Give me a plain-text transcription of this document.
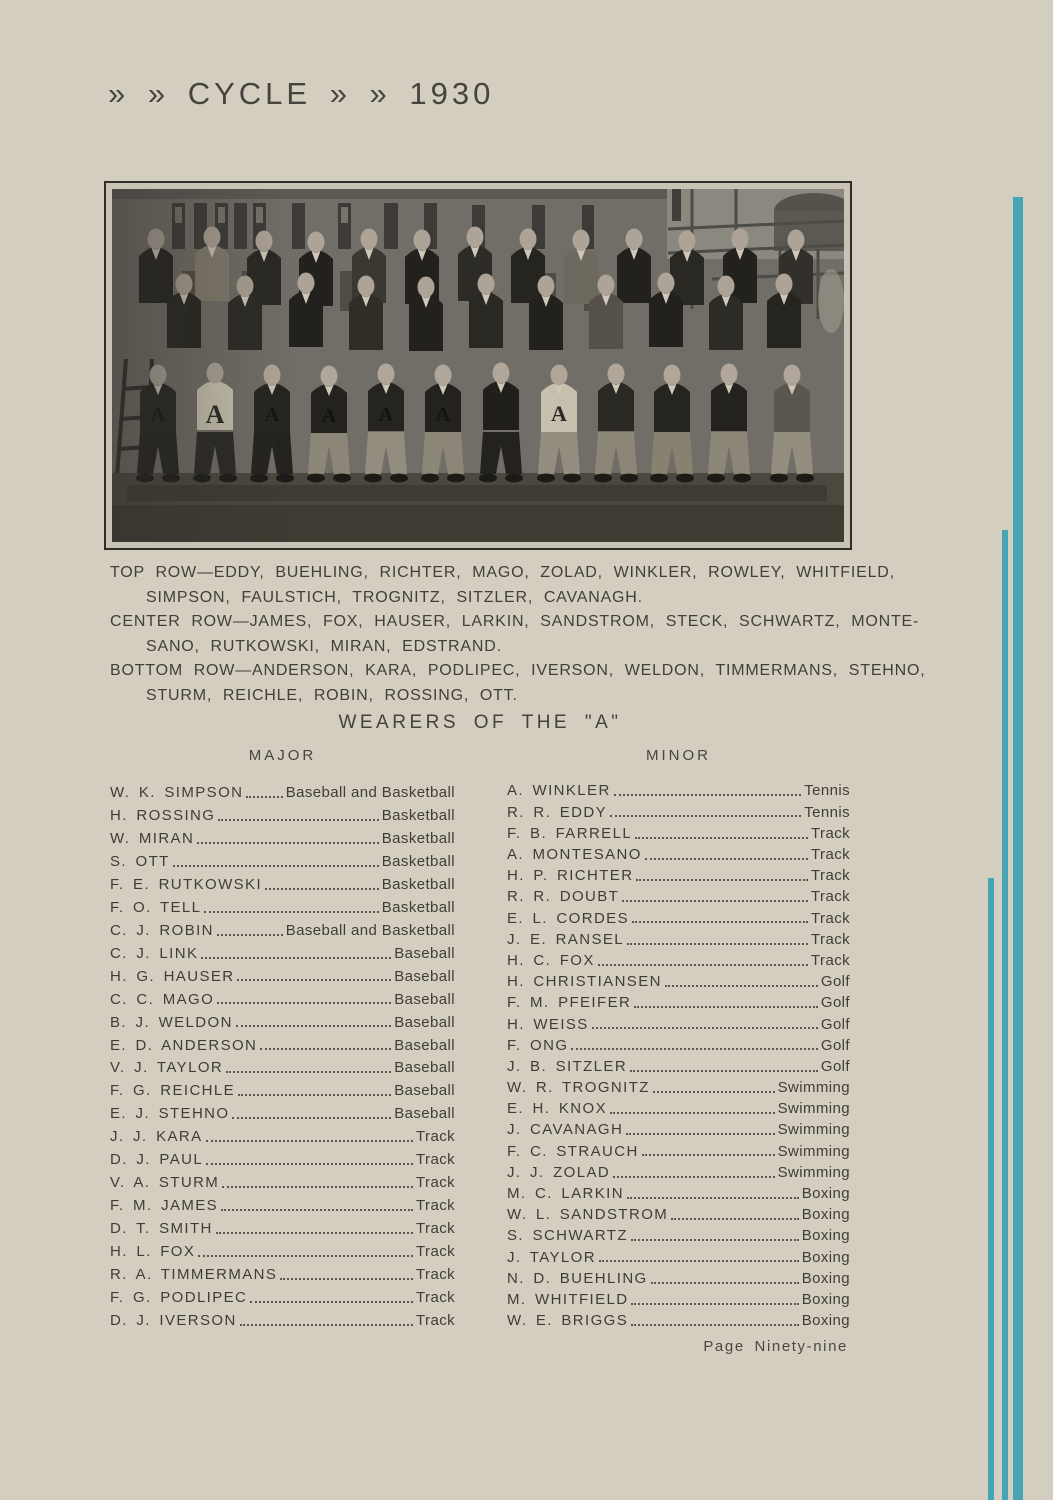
» » CYCLE » » 1930
TOP ROW—EDDY, BUEHLING, RICHTER, MAGO, ZOLAD, WINKLER, ROWLEY, WHITFIELD,
SIMPSON, FAULSTICH, TROGNITZ, SITZLER, CAVANAGH.
CENTER ROW—JAMES, FOX, HAUSER, LARKIN, SANDSTROM, STECK, SCHWARTZ, MONTE-
SANO, RUTKOWSKI, MIRAN, EDSTRAND.
BOTTOM ROW—ANDERSON, KARA, PODLIPEC, IVERSON, WELDON, TIMMERMANS, STEHNO,
STURM, REICHLE, ROBIN, ROSSING, OTT.
WEARERS OF THE "A"
MAJOR
W. K. SIMPSON	Baseball and Basketball
H. ROSSING	Basketball
W. MIRAN	Basketball
S. OTT	Basketball
F. E. RUTKOWSKI	Basketball
F. O. TELL	Basketball
C. J. ROBIN	Baseball and Basketball
C. J. LINK	Baseball
H. G. HAUSER	Baseball
C. C. MAGO	Baseball
B. J. WELDON	Baseball
E. D. ANDERSON	Baseball
V. J. TAYLOR	Baseball
F. G. REICHLE	Baseball
E. J. STEHNO	Baseball
J. J. KARA	Track
D. J. PAUL	Track
V. A. STURM	Track
F. M. JAMES	Track
D. T. SMITH	Track
H. L. FOX	Track
R. A. TIMMERMANS	Track
F. G. PODLIPEC	Track
D. J. IVERSON	Track
MINOR
A. WINKLER	Tennis
R. R. EDDY	Tennis
F. B. FARRELL	Track
A. MONTESANO	Track
H. P. RICHTER	Track
R. R. DOUBT	Track
E. L. CORDES	Track
J. E. RANSEL	Track
H. C. FOX	Track
H. CHRISTIANSEN	Golf
F. M. PFEIFER	Golf
H. WEISS	Golf
F. ONG	Golf
J. B. SITZLER	Golf
W. R. TROGNITZ	Swimming
E. H. KNOX	Swimming
J. CAVANAGH	Swimming
F. C. STRAUCH	Swimming
J. J. ZOLAD	Swimming
M. C. LARKIN	Boxing
W. L. SANDSTROM	Boxing
S. SCHWARTZ	Boxing
J. TAYLOR	Boxing
N. D. BUEHLING	Boxing
M. WHITFIELD	Boxing
W. E. BRIGGS	Boxing
Page Ninety-nine
